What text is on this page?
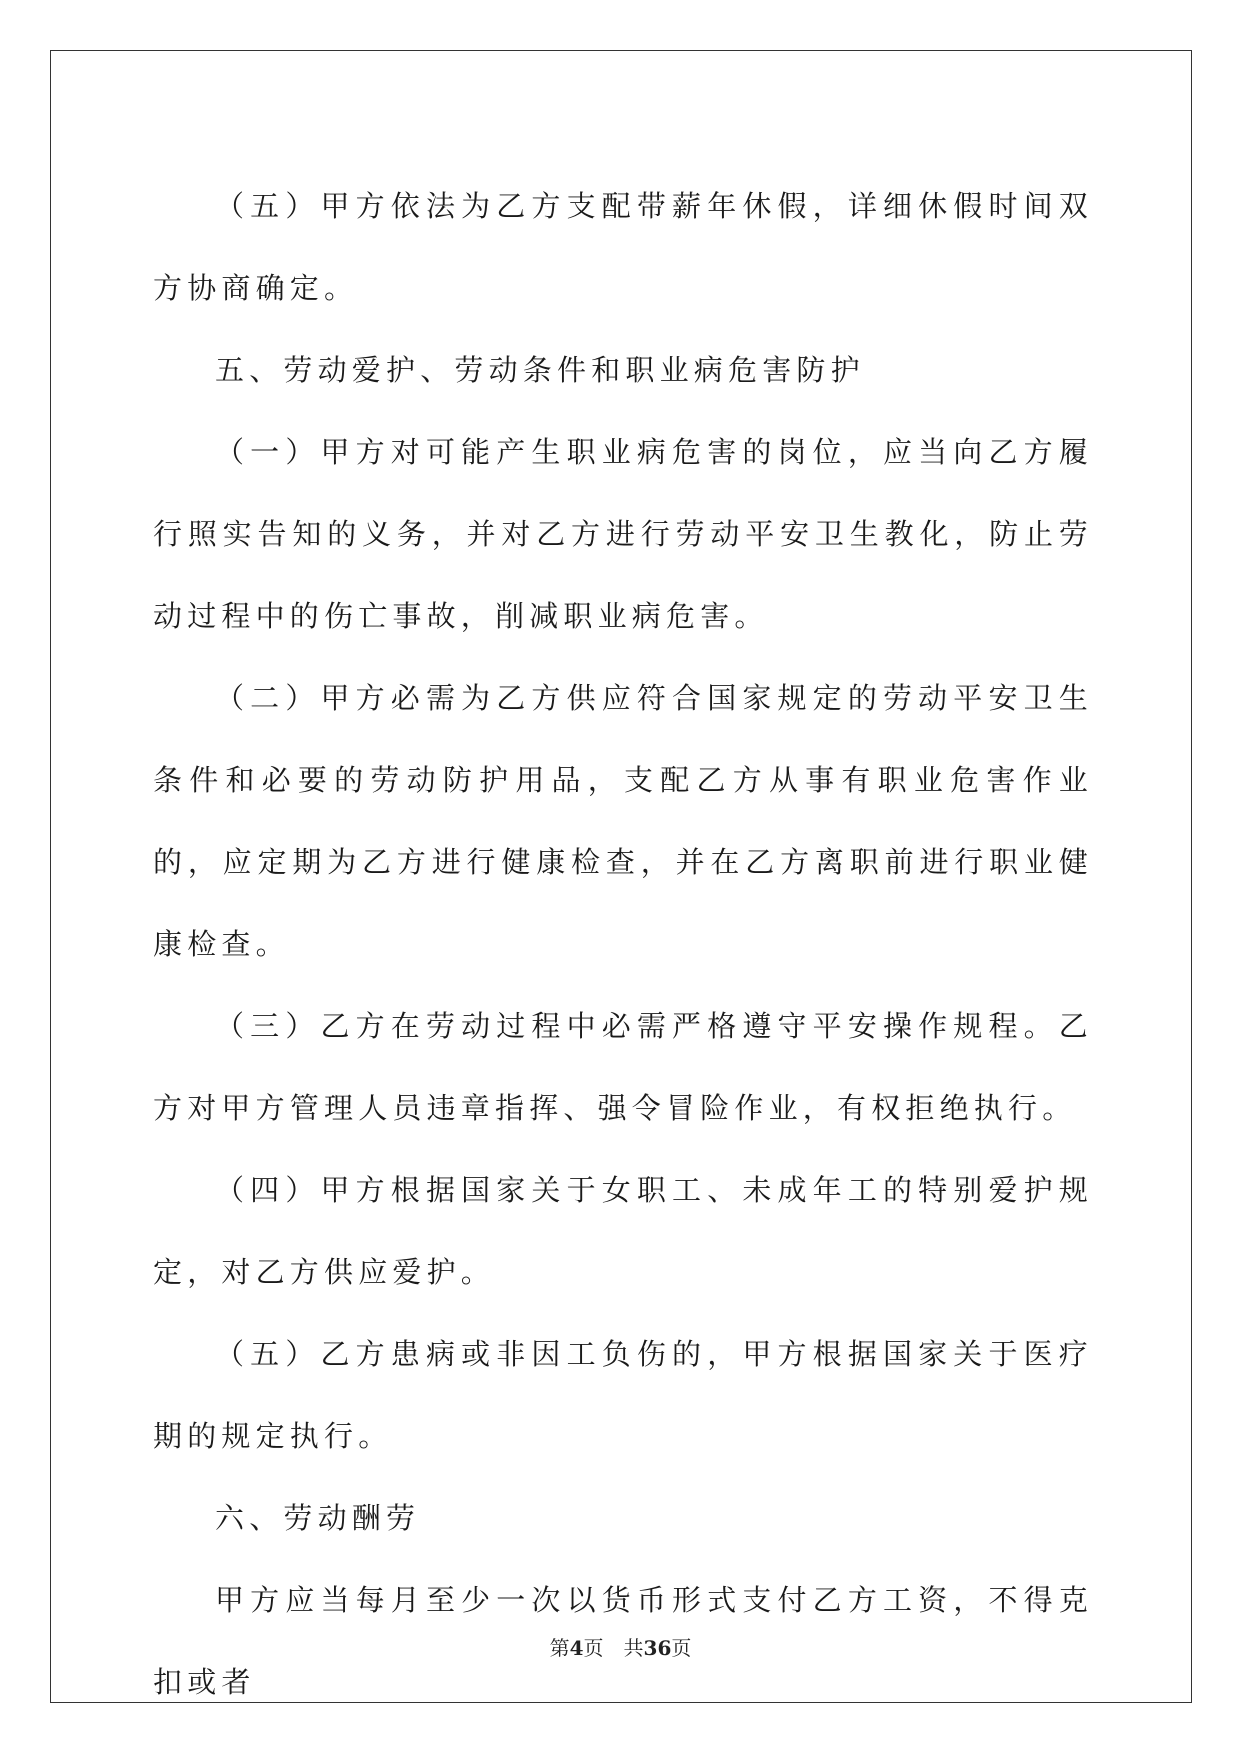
（五）甲方依法为乙方支配带薪年休假，详细休假时间双方协商确定。

五、劳动爱护、劳动条件和职业病危害防护

（一）甲方对可能产生职业病危害的岗位，应当向乙方履行照实告知的义务，并对乙方进行劳动平安卫生教化，防止劳动过程中的伤亡事故，削减职业病危害。

（二）甲方必需为乙方供应符合国家规定的劳动平安卫生条件和必要的劳动防护用品，支配乙方从事有职业危害作业的，应定期为乙方进行健康检查，并在乙方离职前进行职业健康检查。

（三）乙方在劳动过程中必需严格遵守平安操作规程。乙方对甲方管理人员违章指挥、强令冒险作业，有权拒绝执行。

（四）甲方根据国家关于女职工、未成年工的特别爱护规定，对乙方供应爱护。

（五）乙方患病或非因工负伤的，甲方根据国家关于医疗期的规定执行。

六、劳动酬劳

甲方应当每月至少一次以货币形式支付乙方工资，不得克扣或者

第4页　共36页
